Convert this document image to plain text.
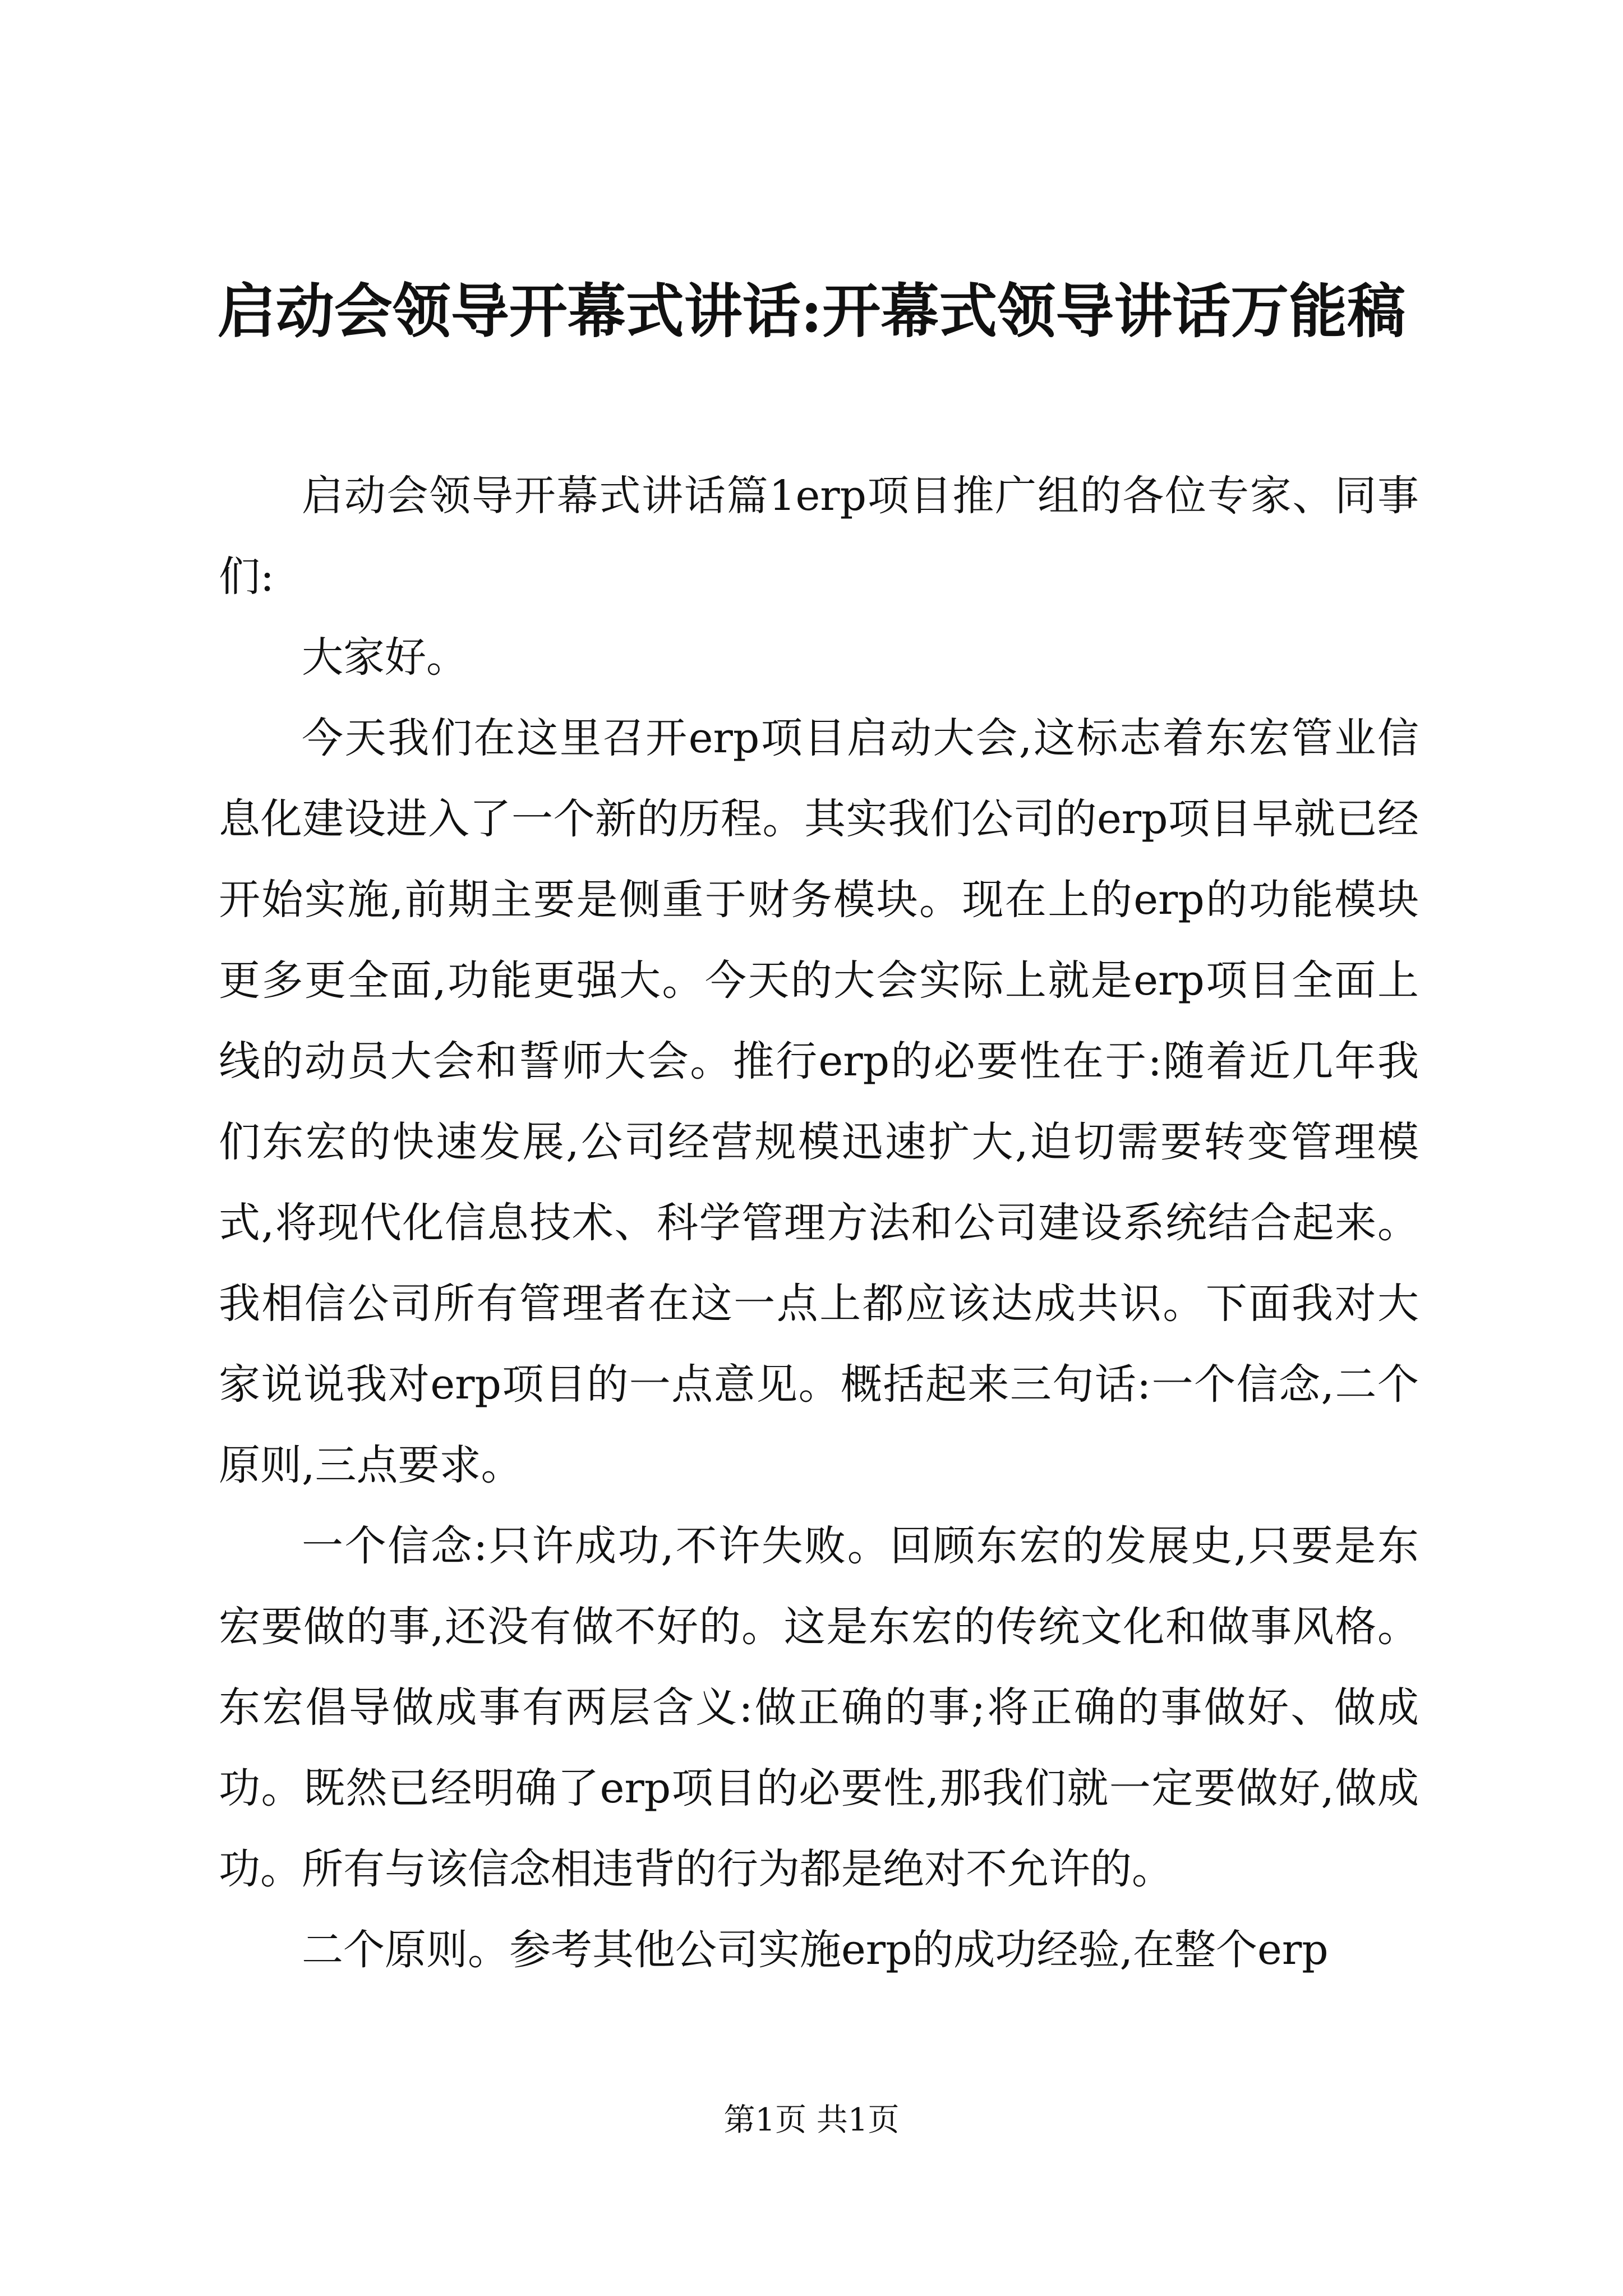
启动会领导开幕式讲话:开幕式领导讲话万能稿

启动会领导开幕式讲话篇1erp项目推广组的各位专家、同事们:

大家好。

今天我们在这里召开erp项目启动大会,这标志着东宏管业信息化建设进入了一个新的历程。其实我们公司的erp项目早就已经开始实施,前期主要是侧重于财务模块。现在上的erp的功能模块更多更全面,功能更强大。今天的大会实际上就是erp项目全面上线的动员大会和誓师大会。推行erp的必要性在于:随着近几年我们东宏的快速发展,公司经营规模迅速扩大,迫切需要转变管理模式,将现代化信息技术、科学管理方法和公司建设系统结合起来。我相信公司所有管理者在这一点上都应该达成共识。下面我对大家说说我对erp项目的一点意见。概括起来三句话:一个信念,二个原则,三点要求。

一个信念:只许成功,不许失败。回顾东宏的发展史,只要是东宏要做的事,还没有做不好的。这是东宏的传统文化和做事风格。东宏倡导做成事有两层含义:做正确的事;将正确的事做好、做成功。既然已经明确了erp项目的必要性,那我们就一定要做好,做成功。所有与该信念相违背的行为都是绝对不允许的。

二个原则。参考其他公司实施erp的成功经验,在整个erp

第1页 共1页
